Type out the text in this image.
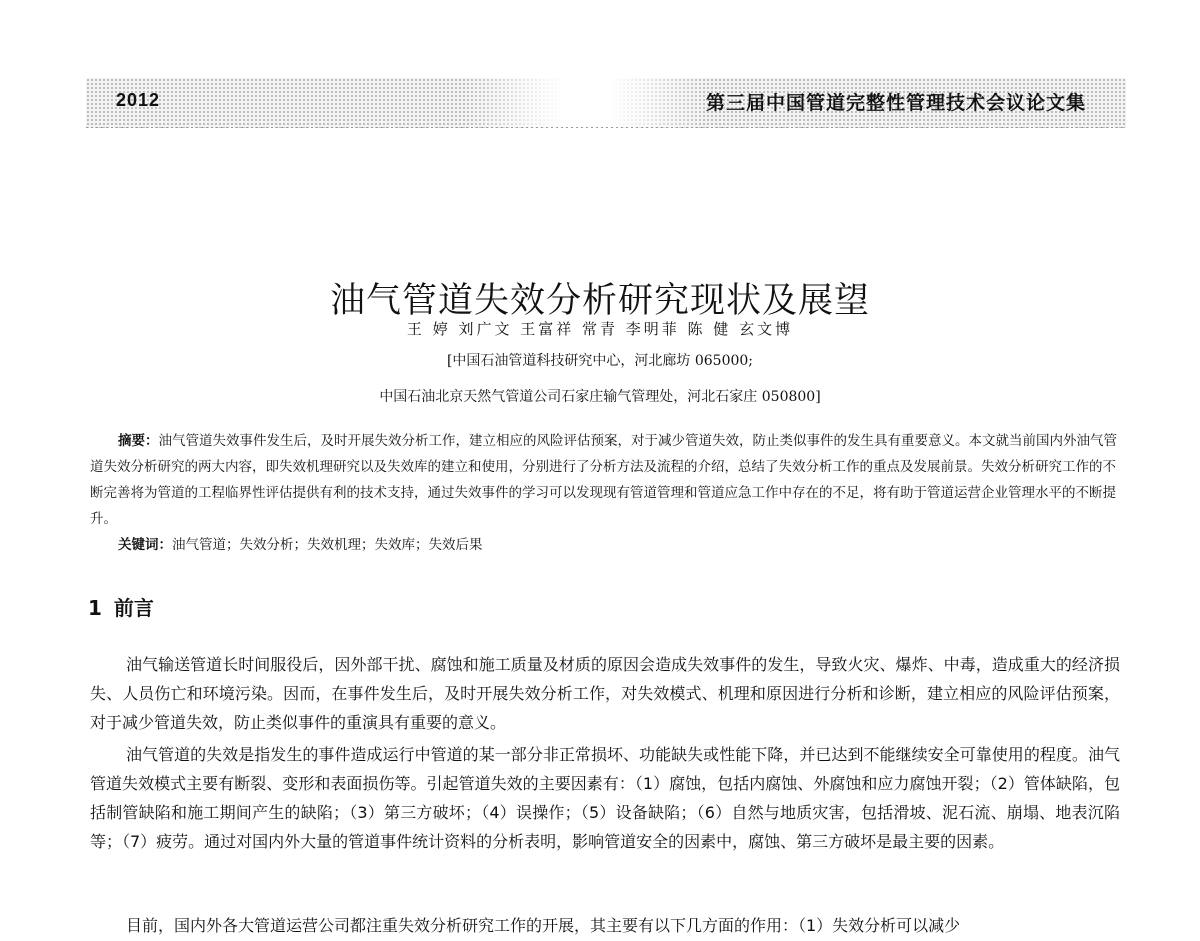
2012	第三届中国管道完整性管理技术会议论文集
油气管道失效分析研究现状及展望
王 婷 刘广文 王富祥 常青 李明菲 陈 健 玄文博
[中国石油管道科技研究中心，河北廊坊 065000;
中国石油北京天然气管道公司石家庄输气管理处，河北石家庄 050800]

摘要：油气管道失效事件发生后，及时开展失效分析工作，建立相应的风险评估预案，对于减少管道失效，防止类似事件的发生具有重要意义。本文就当前国内外油气管道失效分析研究的两大内容，即失效机理研究以及失效库的建立和使用，分别进行了分析方法及流程的介绍，总结了失效分析工作的重点及发展前景。失效分析研究工作的不断完善将为管道的工程临界性评估提供有利的技术支持，通过失效事件的学习可以发现现有管道管理和管道应急工作中存在的不足，将有助于管道运营企业管理水平的不断提升。

关键词：油气管道；失效分析；失效机理；失效库；失效后果

1 前言

油气输送管道长时间服役后，因外部干扰、腐蚀和施工质量及材质的原因会造成失效事件的发生，导致火灾、爆炸、中毒，造成重大的经济损失、人员伤亡和环境污染。因而，在事件发生后，及时开展失效分析工作，对失效模式、机理和原因进行分析和诊断，建立相应的风险评估预案，对于减少管道失效，防止类似事件的重演具有重要的意义。

油气管道的失效是指发生的事件造成运行中管道的某一部分非正常损坏、功能缺失或性能下降，并已达到不能继续安全可靠使用的程度。油气管道失效模式主要有断裂、变形和表面损伤等。引起管道失效的主要因素有：（1）腐蚀，包括内腐蚀、外腐蚀和应力腐蚀开裂；（2）管体缺陷，包括制管缺陷和施工期间产生的缺陷；（3）第三方破坏；（4）误操作；（5）设备缺陷；（6）自然与地质灾害，包括滑坡、泥石流、崩塌、地表沉陷等；（7）疲劳。通过对国内外大量的管道事件统计资料的分析表明，影响管道安全的因素中，腐蚀、第三方破坏是最主要的因素。

目前，国内外各大管道运营公司都注重失效分析研究工作的开展，其主要有以下几方面的作用：（1）失效分析可以减少
